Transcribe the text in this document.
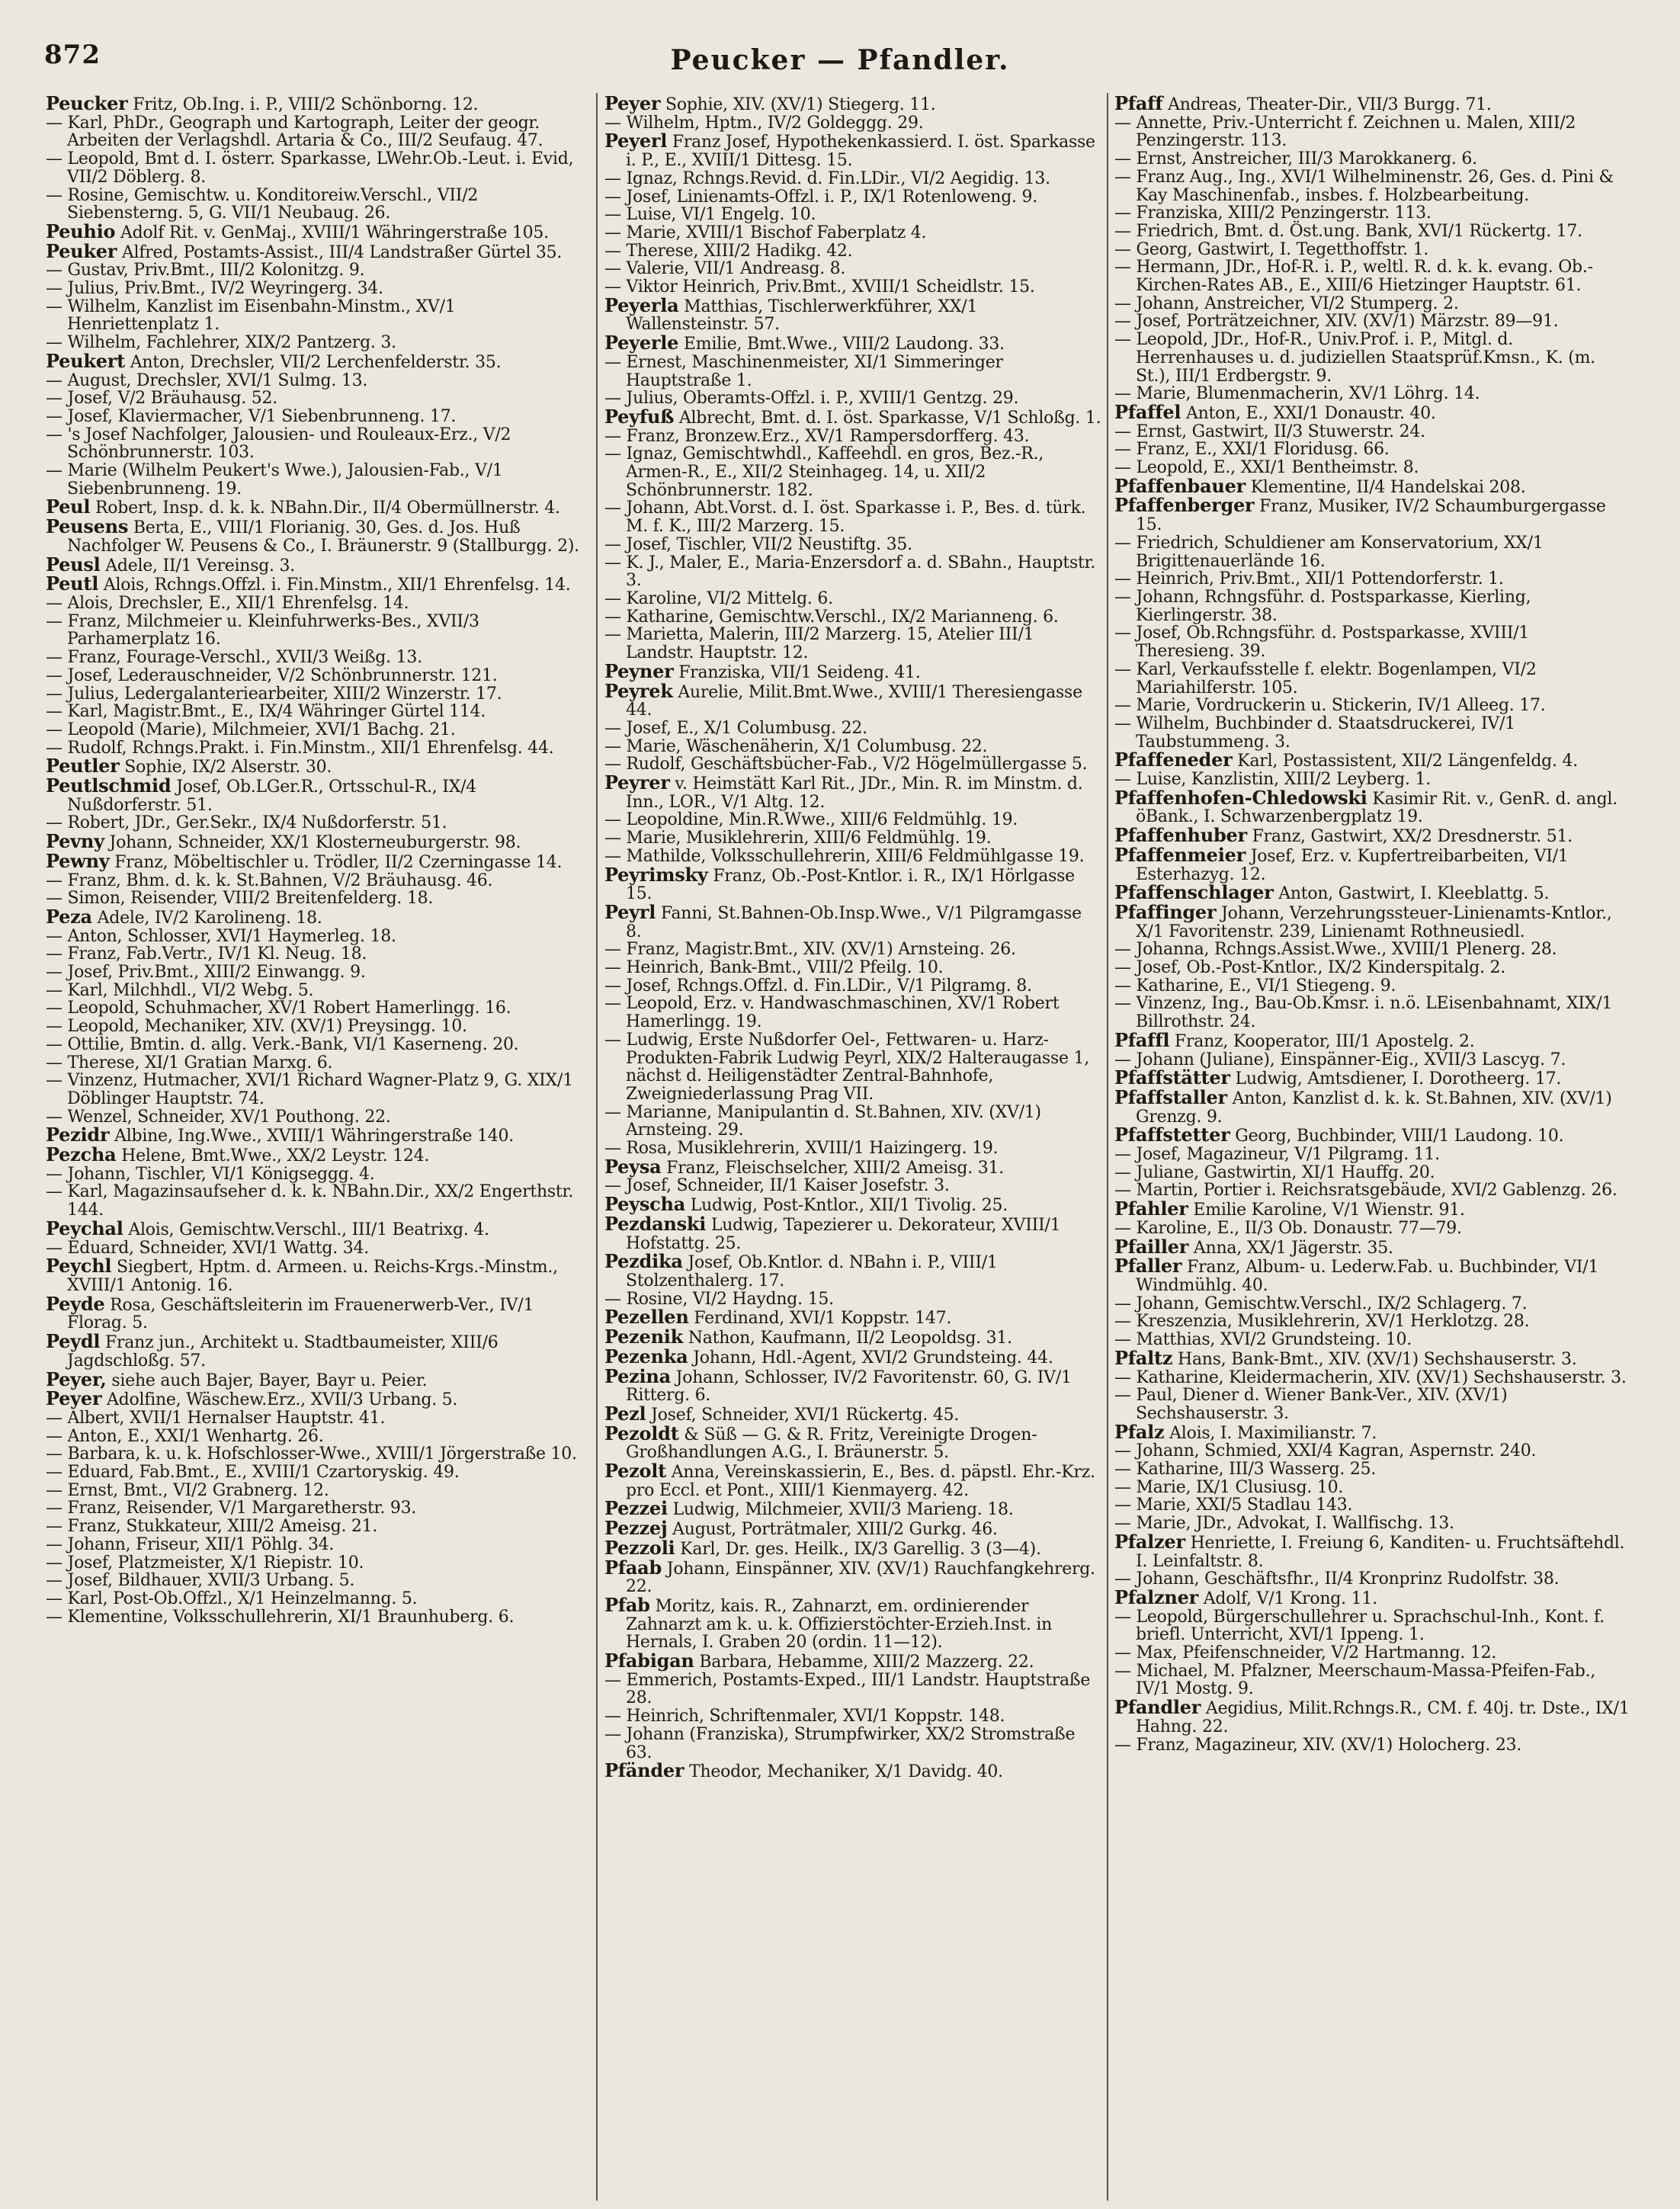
872	Peucker — Pfandler.
Peucker Fritz, Ob.Ing. i. P., VIII/2 Schönborng. 12.
— Karl, PhDr., Geograph und Kartograph, Leiter der geogr. Arbeiten der Verlagshdl. Artaria & Co., III/2 Seufaug. 47.
— Leopold, Bmt d. I. österr. Sparkasse, LWehr.Ob.-Leut. i. Evid, VII/2 Döblerg. 8.
— Rosine, Gemischtw. u. Konditoreiw.Verschl., VII/2 Siebensterng. 5, G. VII/1 Neubaug. 26.
Peuhio Adolf Rit. v. GenMaj., XVIII/1 Währingerstraße 105.
Peuker Alfred, Postamts-Assist., III/4 Landstraßer Gürtel 35.
— Gustav, Priv.Bmt., III/2 Kolonitzg. 9.
— Julius, Priv.Bmt., IV/2 Weyringerg. 34.
— Wilhelm, Kanzlist im Eisenbahn-Minstm., XV/1 Henriettenplatz 1.
— Wilhelm, Fachlehrer, XIX/2 Pantzerg. 3.
Peukert Anton, Drechsler, VII/2 Lerchenfelderstr. 35.
— August, Drechsler, XVI/1 Sulmg. 13.
— Josef, V/2 Bräuhausg. 52.
— Josef, Klaviermacher, V/1 Siebenbrunneng. 17.
— 's Josef Nachfolger, Jalousien- und Rouleaux-Erz., V/2 Schönbrunnerstr. 103.
— Marie (Wilhelm Peukert's Wwe.), Jalousien-Fab., V/1 Siebenbrunneng. 19.
Peul Robert, Insp. d. k. k. NBahn.Dir., II/4 Obermüllnerstr. 4.
Peusens Berta, E., VIII/1 Florianig. 30, Ges. d. Jos. Huß Nachfolger W. Peusens & Co., I. Bräunerstr. 9 (Stallburgg. 2).
Peusl Adele, II/1 Vereinsg. 3.
Peutl Alois, Rchngs.Offzl. i. Fin.Minstm., XII/1 Ehrenfelsg. 14.
— Alois, Drechsler, E., XII/1 Ehrenfelsg. 14.
— Franz, Milchmeier u. Kleinfuhrwerks-Bes., XVII/3 Parhamerplatz 16.
— Franz, Fourage-Verschl., XVII/3 Weißg. 13.
— Josef, Lederauschneider, V/2 Schönbrunnerstr. 121.
— Julius, Ledergalanteriearbeiter, XIII/2 Winzerstr. 17.
— Karl, Magistr.Bmt., E., IX/4 Währinger Gürtel 114.
— Leopold (Marie), Milchmeier, XVI/1 Bachg. 21.
— Rudolf, Rchngs.Prakt. i. Fin.Minstm., XII/1 Ehrenfelsg. 44.
Peutler Sophie, IX/2 Alserstr. 30.
Peutlschmid Josef, Ob.LGer.R., Ortsschul-R., IX/4 Nußdorferstr. 51.
— Robert, JDr., Ger.Sekr., IX/4 Nußdorferstr. 51.
Pevny Johann, Schneider, XX/1 Klosterneuburgerstr. 98.
Pewny Franz, Möbeltischler u. Trödler, II/2 Czerningasse 14.
— Franz, Bhm. d. k. k. St.Bahnen, V/2 Bräuhausg. 46.
— Simon, Reisender, VIII/2 Breitenfelderg. 18.
Peza Adele, IV/2 Karolineng. 18.
— Anton, Schlosser, XVI/1 Haymerleg. 18.
— Franz, Fab.Vertr., IV/1 Kl. Neug. 18.
— Josef, Priv.Bmt., XIII/2 Einwangg. 9.
— Karl, Milchhdl., VI/2 Webg. 5.
— Leopold, Schuhmacher, XV/1 Robert Hamerlingg. 16.
— Leopold, Mechaniker, XIV. (XV/1) Preysingg. 10.
— Ottilie, Bmtin. d. allg. Verk.-Bank, VI/1 Kaserneng. 20.
— Therese, XI/1 Gratian Marxg. 6.
— Vinzenz, Hutmacher, XVI/1 Richard Wagner-Platz 9, G. XIX/1 Döblinger Hauptstr. 74.
— Wenzel, Schneider, XV/1 Pouthong. 22.
Pezidr Albine, Ing.Wwe., XVIII/1 Währingerstraße 140.
Pezcha Helene, Bmt.Wwe., XX/2 Leystr. 124.
— Johann, Tischler, VI/1 Königseggg. 4.
— Karl, Magazinsaufseher d. k. k. NBahn.Dir., XX/2 Engerthstr. 144.
Peychal Alois, Gemischtw.Verschl., III/1 Beatrixg. 4.
— Eduard, Schneider, XVI/1 Wattg. 34.
Peychl Siegbert, Hptm. d. Armeen. u. Reichs-Krgs.-Minstm., XVIII/1 Antonig. 16.
Peyde Rosa, Geschäftsleiterin im Frauenerwerb-Ver., IV/1 Florag. 5.
Peydl Franz jun., Architekt u. Stadtbaumeister, XIII/6 Jagdschloßg. 57.
Peyer, siehe auch Bajer, Bayer, Bayr u. Peier.
Peyer Adolfine, Wäschew.Erz., XVII/3 Urbang. 5.
— Albert, XVII/1 Hernalser Hauptstr. 41.
— Anton, E., XXI/1 Wenhartg. 26.
— Barbara, k. u. k. Hofschlosser-Wwe., XVIII/1 Jörgerstraße 10.
— Eduard, Fab.Bmt., E., XVIII/1 Czartoryskig. 49.
— Ernst, Bmt., VI/2 Grabnerg. 12.
— Franz, Reisender, V/1 Margaretherstr. 93.
— Franz, Stukkateur, XIII/2 Ameisg. 21.
— Johann, Friseur, XII/1 Pöhlg. 34.
— Josef, Platzmeister, X/1 Riepistr. 10.
— Josef, Bildhauer, XVII/3 Urbang. 5.
— Karl, Post-Ob.Offzl., X/1 Heinzelmanng. 5.
— Klementine, Volksschullehrerin, XI/1 Braunhuberg. 6.
Peyer Sophie, XIV. (XV/1) Stiegerg. 11.
— Wilhelm, Hptm., IV/2 Goldeggg. 29.
Peyerl Franz Josef, Hypothekenkassierd. I. öst. Sparkasse i. P., E., XVIII/1 Dittesg. 15.
— Ignaz, Rchngs.Revid. d. Fin.LDir., VI/2 Aegidig. 13.
— Josef, Linienamts-Offzl. i. P., IX/1 Rotenloweng. 9.
— Luise, VI/1 Engelg. 10.
— Marie, XVIII/1 Bischof Faberplatz 4.
— Therese, XIII/2 Hadikg. 42.
— Valerie, VII/1 Andreasg. 8.
— Viktor Heinrich, Priv.Bmt., XVIII/1 Scheidlstr. 15.
Peyerla Matthias, Tischlerwerkführer, XX/1 Wallensteinstr. 57.
Peyerle Emilie, Bmt.Wwe., VIII/2 Laudong. 33.
— Ernest, Maschinenmeister, XI/1 Simmeringer Hauptstraße 1.
— Julius, Oberamts-Offzl. i. P., XVIII/1 Gentzg. 29.
Peyfuß Albrecht, Bmt. d. I. öst. Sparkasse, V/1 Schloßg. 1.
— Franz, Bronzew.Erz., XV/1 Rampersdorfferg. 43.
— Ignaz, Gemischtwhdl., Kaffeehdl. en gros, Bez.-R., Armen-R., E., XII/2 Steinhageg. 14, u. XII/2 Schönbrunnerstr. 182.
— Johann, Abt.Vorst. d. I. öst. Sparkasse i. P., Bes. d. türk. M. f. K., III/2 Marzerg. 15.
— Josef, Tischler, VII/2 Neustiftg. 35.
— K. J., Maler, E., Maria-Enzersdorf a. d. SBahn., Hauptstr. 3.
— Karoline, VI/2 Mittelg. 6.
— Katharine, Gemischtw.Verschl., IX/2 Marianneng. 6.
— Marietta, Malerin, III/2 Marzerg. 15, Atelier III/1 Landstr. Hauptstr. 12.
Peyner Franziska, VII/1 Seideng. 41.
Peyrek Aurelie, Milit.Bmt.Wwe., XVIII/1 Theresiengasse 44.
— Josef, E., X/1 Columbusg. 22.
— Marie, Wäschenäherin, X/1 Columbusg. 22.
— Rudolf, Geschäftsbücher-Fab., V/2 Högelmüllergasse 5.
Peyrer v. Heimstätt Karl Rit., JDr., Min. R. im Minstm. d. Inn., LOR., V/1 Altg. 12.
— Leopoldine, Min.R.Wwe., XIII/6 Feldmühlg. 19.
— Marie, Musiklehrerin, XIII/6 Feldmühlg. 19.
— Mathilde, Volksschullehrerin, XIII/6 Feldmühlgasse 19.
Peyrimsky Franz, Ob.-Post-Kntlor. i. R., IX/1 Hörlgasse 15.
Peyrl Fanni, St.Bahnen-Ob.Insp.Wwe., V/1 Pilgramgasse 8.
— Franz, Magistr.Bmt., XIV. (XV/1) Arnsteing. 26.
— Heinrich, Bank-Bmt., VIII/2 Pfeilg. 10.
— Josef, Rchngs.Offzl. d. Fin.LDir., V/1 Pilgramg. 8.
— Leopold, Erz. v. Handwaschmaschinen, XV/1 Robert Hamerlingg. 19.
— Ludwig, Erste Nußdorfer Oel-, Fettwaren- u. Harz-Produkten-Fabrik Ludwig Peyrl, XIX/2 Halteraugasse 1, nächst d. Heiligenstädter Zentral-Bahnhofe, Zweigniederlassung Prag VII.
— Marianne, Manipulantin d. St.Bahnen, XIV. (XV/1) Arnsteing. 29.
— Rosa, Musiklehrerin, XVIII/1 Haizingerg. 19.
Peysa Franz, Fleischselcher, XIII/2 Ameisg. 31.
— Josef, Schneider, II/1 Kaiser Josefstr. 3.
Peyscha Ludwig, Post-Kntlor., XII/1 Tivolig. 25.
Pezdanski Ludwig, Tapezierer u. Dekorateur, XVIII/1 Hofstattg. 25.
Pezdika Josef, Ob.Kntlor. d. NBahn i. P., VIII/1 Stolzenthalerg. 17.
— Rosine, VI/2 Haydng. 15.
Pezellen Ferdinand, XVI/1 Koppstr. 147.
Pezenik Nathon, Kaufmann, II/2 Leopoldsg. 31.
Pezenka Johann, Hdl.-Agent, XVI/2 Grundsteing. 44.
Pezina Johann, Schlosser, IV/2 Favoritenstr. 60, G. IV/1 Ritterg. 6.
Pezl Josef, Schneider, XVI/1 Rückertg. 45.
Pezoldt & Süß — G. & R. Fritz, Vereinigte Drogen-Großhandlungen A.G., I. Bräunerstr. 5.
Pezolt Anna, Vereinskassierin, E., Bes. d. päpstl. Ehr.-Krz. pro Eccl. et Pont., XIII/1 Kienmayerg. 42.
Pezzei Ludwig, Milchmeier, XVII/3 Marieng. 18.
Pezzej August, Porträtmaler, XIII/2 Gurkg. 46.
Pezzoli Karl, Dr. ges. Heilk., IX/3 Garellig. 3 (3—4).
Pfaab Johann, Einspänner, XIV. (XV/1) Rauchfangkehrerg. 22.
Pfab Moritz, kais. R., Zahnarzt, em. ordinierender Zahnarzt am k. u. k. Offizierstöchter-Erzieh.Inst. in Hernals, I. Graben 20 (ordin. 11—12).
Pfabigan Barbara, Hebamme, XIII/2 Mazzerg. 22.
— Emmerich, Postamts-Exped., III/1 Landstr. Hauptstraße 28.
— Heinrich, Schriftenmaler, XVI/1 Koppstr. 148.
— Johann (Franziska), Strumpfwirker, XX/2 Stromstraße 63.
Pfänder Theodor, Mechaniker, X/1 Davidg. 40.
Pfaff Andreas, Theater-Dir., VII/3 Burgg. 71.
— Annette, Priv.-Unterricht f. Zeichnen u. Malen, XIII/2 Penzingerstr. 113.
— Ernst, Anstreicher, III/3 Marokkanerg. 6.
— Franz Aug., Ing., XVI/1 Wilhelminenstr. 26, Ges. d. Pini & Kay Maschinenfab., insbes. f. Holzbearbeitung.
— Franziska, XIII/2 Penzingerstr. 113.
— Friedrich, Bmt. d. Öst.ung. Bank, XVI/1 Rückertg. 17.
— Georg, Gastwirt, I. Tegetthoffstr. 1.
— Hermann, JDr., Hof-R. i. P., weltl. R. d. k. k. evang. Ob.-Kirchen-Rates AB., E., XIII/6 Hietzinger Hauptstr. 61.
— Johann, Anstreicher, VI/2 Stumperg. 2.
— Josef, Porträtzeichner, XIV. (XV/1) Märzstr. 89—91.
— Leopold, JDr., Hof-R., Univ.Prof. i. P., Mitgl. d. Herrenhauses u. d. judiziellen Staatsprüf.Kmsn., K. (m. St.), III/1 Erdbergstr. 9.
— Marie, Blumenmacherin, XV/1 Löhrg. 14.
Pfaffel Anton, E., XXI/1 Donaustr. 40.
— Ernst, Gastwirt, II/3 Stuwerstr. 24.
— Franz, E., XXI/1 Floridusg. 66.
— Leopold, E., XXI/1 Bentheimstr. 8.
Pfaffenbauer Klementine, II/4 Handelskai 208.
Pfaffenberger Franz, Musiker, IV/2 Schaumburgergasse 15.
— Friedrich, Schuldiener am Konservatorium, XX/1 Brigittenauerlände 16.
— Heinrich, Priv.Bmt., XII/1 Pottendorferstr. 1.
— Johann, Rchngsführ. d. Postsparkasse, Kierling, Kierlingerstr. 38.
— Josef, Ob.Rchngsführ. d. Postsparkasse, XVIII/1 Theresieng. 39.
— Karl, Verkaufsstelle f. elektr. Bogenlampen, VI/2 Mariahilferstr. 105.
— Marie, Vordruckerin u. Stickerin, IV/1 Alleeg. 17.
— Wilhelm, Buchbinder d. Staatsdruckerei, IV/1 Taubstummeng. 3.
Pfaffeneder Karl, Postassistent, XII/2 Längenfeldg. 4.
— Luise, Kanzlistin, XIII/2 Leyberg. 1.
Pfaffenhofen-Chledowski Kasimir Rit. v., GenR. d. angl. öBank., I. Schwarzenbergplatz 19.
Pfaffenhuber Franz, Gastwirt, XX/2 Dresdnerstr. 51.
Pfaffenmeier Josef, Erz. v. Kupfertreibarbeiten, VI/1 Esterhazyg. 12.
Pfaffenschlager Anton, Gastwirt, I. Kleeblattg. 5.
Pfaffinger Johann, Verzehrungssteuer-Linienamts-Kntlor., X/1 Favoritenstr. 239, Linienamt Rothneusiedl.
— Johanna, Rchngs.Assist.Wwe., XVIII/1 Plenerg. 28.
— Josef, Ob.-Post-Kntlor., IX/2 Kinderspitalg. 2.
— Katharine, E., VI/1 Stiegeng. 9.
— Vinzenz, Ing., Bau-Ob.Kmsr. i. n.ö. LEisenbahnamt, XIX/1 Billrothstr. 24.
Pfaffl Franz, Kooperator, III/1 Apostelg. 2.
— Johann (Juliane), Einspänner-Eig., XVII/3 Lascyg. 7.
Pfaffstätter Ludwig, Amtsdiener, I. Dorotheerg. 17.
Pfaffstaller Anton, Kanzlist d. k. k. St.Bahnen, XIV. (XV/1) Grenzg. 9.
Pfaffstetter Georg, Buchbinder, VIII/1 Laudong. 10.
— Josef, Magazineur, V/1 Pilgramg. 11.
— Juliane, Gastwirtin, XI/1 Hauffg. 20.
— Martin, Portier i. Reichsratsgebäude, XVI/2 Gablenzg. 26.
Pfahler Emilie Karoline, V/1 Wienstr. 91.
— Karoline, E., II/3 Ob. Donaustr. 77—79.
Pfailler Anna, XX/1 Jägerstr. 35.
Pfaller Franz, Album- u. Lederw.Fab. u. Buchbinder, VI/1 Windmühlg. 40.
— Johann, Gemischtw.Verschl., IX/2 Schlagerg. 7.
— Kreszenzia, Musiklehrerin, XV/1 Herklotzg. 28.
— Matthias, XVI/2 Grundsteing. 10.
Pfaltz Hans, Bank-Bmt., XIV. (XV/1) Sechshauserstr. 3.
— Katharine, Kleidermacherin, XIV. (XV/1) Sechshauserstr. 3.
— Paul, Diener d. Wiener Bank-Ver., XIV. (XV/1) Sechshauserstr. 3.
Pfalz Alois, I. Maximilianstr. 7.
— Johann, Schmied, XXI/4 Kagran, Aspernstr. 240.
— Katharine, III/3 Wasserg. 25.
— Marie, IX/1 Clusiusg. 10.
— Marie, XXI/5 Stadlau 143.
— Marie, JDr., Advokat, I. Wallfischg. 13.
Pfalzer Henriette, I. Freiung 6, Kanditen- u. Fruchtsäftehdl. I. Leinfaltstr. 8.
— Johann, Geschäftsfhr., II/4 Kronprinz Rudolfstr. 38.
Pfalzner Adolf, V/1 Krong. 11.
— Leopold, Bürgerschullehrer u. Sprachschul-Inh., Kont. f. briefl. Unterricht, XVI/1 Ippeng. 1.
— Max, Pfeifenschneider, V/2 Hartmanng. 12.
— Michael, M. Pfalzner, Meerschaum-Massa-Pfeifen-Fab., IV/1 Mostg. 9.
Pfandler Aegidius, Milit.Rchngs.R., CM. f. 40j. tr. Dste., IX/1 Hahng. 22.
— Franz, Magazineur, XIV. (XV/1) Holocherg. 23.
